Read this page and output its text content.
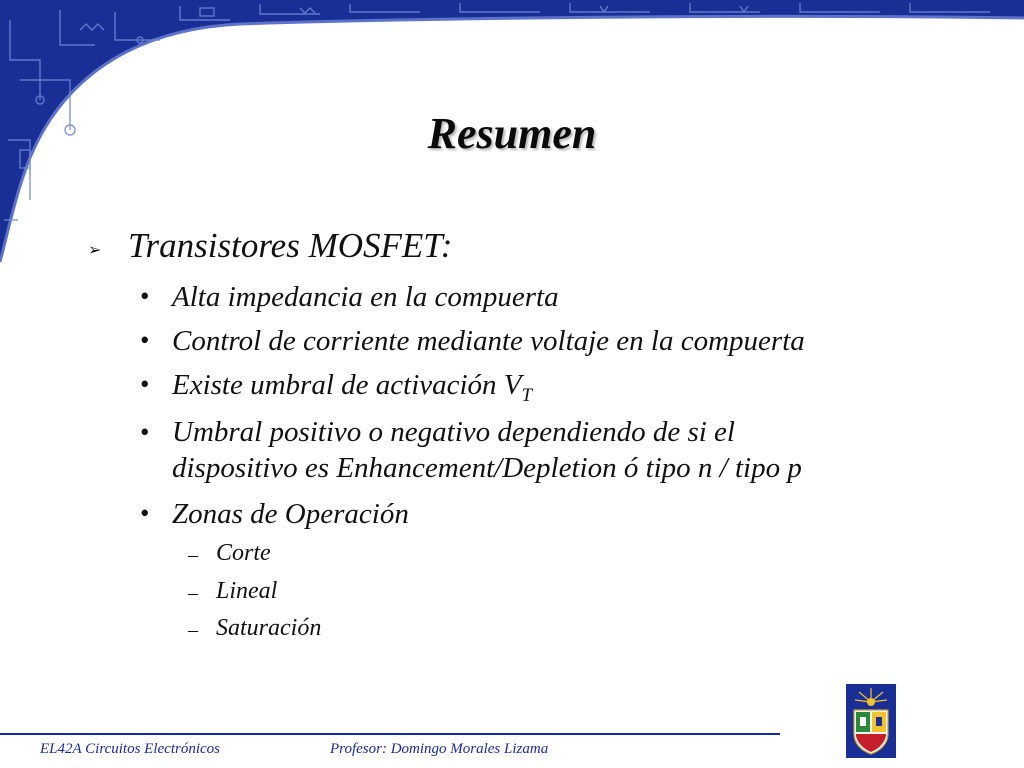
Resumen
➢ Transistores MOSFET:
• Alta impedancia en la compuerta
• Control de corriente mediante voltaje en la compuerta
• Existe umbral de activación $V_T$
• Umbral positivo o negativo dependiendo de si el
dispositivo es Enhancement/Depletion ó tipo n / tipo p
• Zonas de Operación
– Corte
– Lineal
– Saturación
EL42A Circuitos Electrónicos	Profesor: Domingo Morales Lizama
